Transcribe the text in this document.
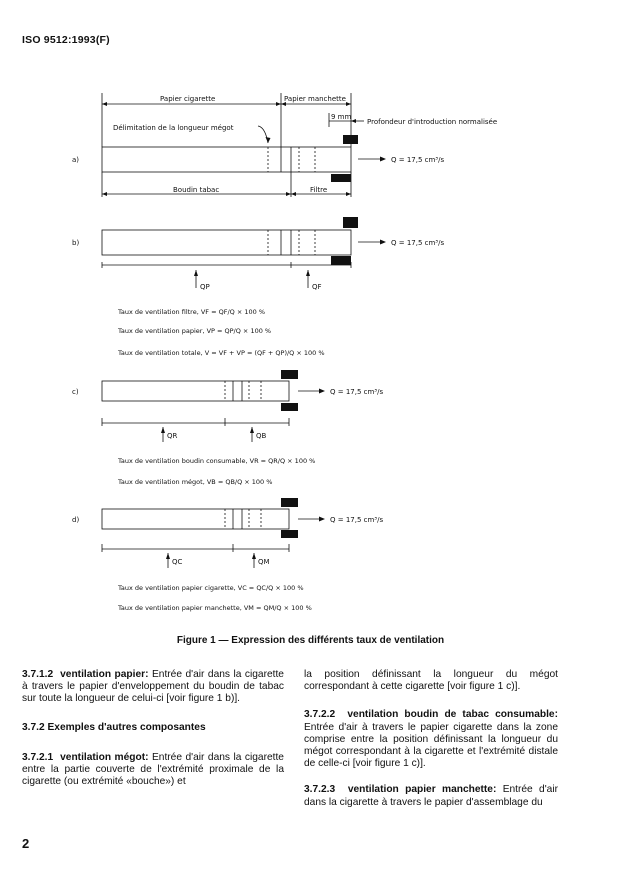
ISO 9512:1993(F)
Papier cigarette	Papier manchette
Délimitation de la longueur mégot
9 mm
Profondeur d'introduction normalisée
Boudin tabac	Filtre
a)
b)
c)
d)
Q = 17,5 cm³/s
Q = 17,5 cm³/s
Q = 17,5 cm³/s
Q = 17,5 cm³/s
QP	QF
QR	QB
QC	QM
Taux de ventilation filtre, VF = QF/Q × 100 %
Taux de ventilation papier, VP = QP/Q × 100 %
Taux de ventilation totale, V = VF + VP = (QF + QP)/Q × 100 %
Taux de ventilation boudin consumable, VR = QR/Q × 100 %
Taux de ventilation mégot, VB = QB/Q × 100 %
Taux de ventilation papier cigarette, VC = QC/Q × 100 %
Taux de ventilation papier manchette, VM = QM/Q × 100 %
Figure 1 — Expression des différents taux de ventilation

3.7.1.2 ventilation papier: Entrée d'air dans la cigarette à travers le papier d'enveloppement du boudin de tabac sur toute la longueur de celui-ci [voir figure 1 b)].

3.7.2 Exemples d'autres composantes

3.7.2.1 ventilation mégot: Entrée d'air dans la cigarette entre la partie couverte de l'extrémité proximale de la cigarette (ou extrémité «bouche») et

la position définissant la longueur du mégot correspondant à cette cigarette [voir figure 1 c)].

3.7.2.2 ventilation boudin de tabac consumable: Entrée d'air à travers le papier cigarette dans la zone comprise entre la position définissant la longueur du mégot correspondant à la cigarette et l'extrémité distale de celle-ci [voir figure 1 c)].

3.7.2.3 ventilation papier manchette: Entrée d'air dans la cigarette à travers le papier d'assemblage du

2
